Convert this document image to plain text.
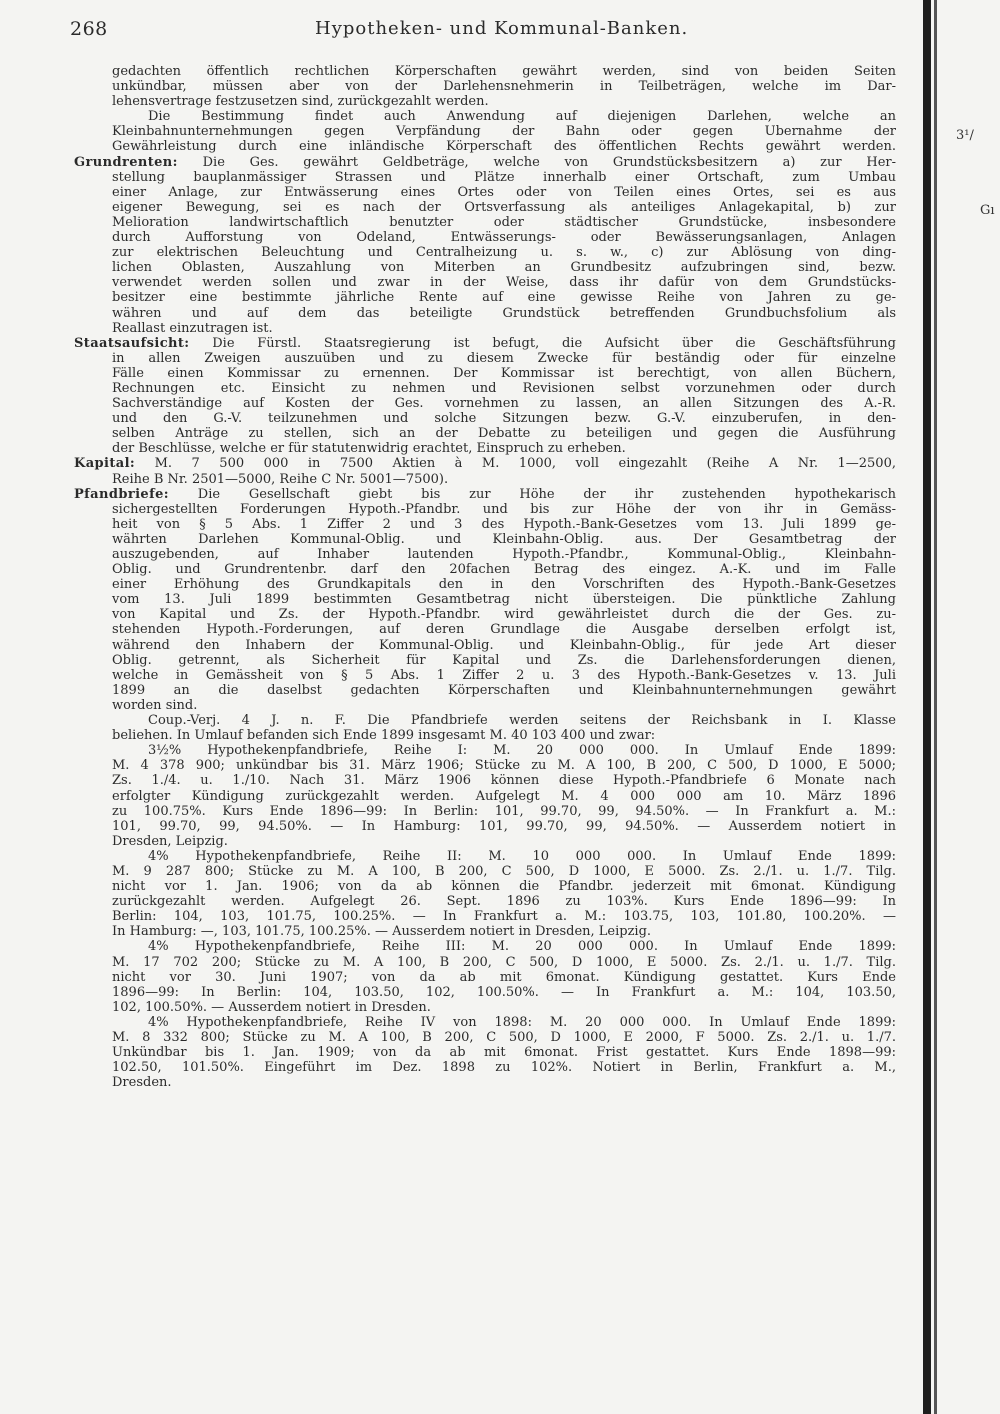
268	Hypotheken- und Kommunal-Banken.
gedachten öffentlich rechtlichen Körperschaften gewährt werden, sind von beiden Seiten
unkündbar, müssen aber von der Darlehensnehmerin in Teilbeträgen, welche im Dar-
lehensvertrage festzusetzen sind, zurückgezahlt werden.
Die Bestimmung findet auch Anwendung auf diejenigen Darlehen, welche an
Kleinbahnunternehmungen gegen Verpfändung der Bahn oder gegen Übernahme der
Gewährleistung durch eine inländische Körperschaft des öffentlichen Rechts gewährt werden.
Grundrenten: Die Ges. gewährt Geldbeträge, welche von Grundstücksbesitzern a) zur Her-
stellung bauplanmässiger Strassen und Plätze innerhalb einer Ortschaft, zum Umbau
einer Anlage, zur Entwässerung eines Ortes oder von Teilen eines Ortes, sei es aus
eigener Bewegung, sei es nach der Ortsverfassung als anteiliges Anlagekapital, b) zur
Melioration landwirtschaftlich benutzter oder städtischer Grundstücke, insbesondere
durch Aufforstung von Ödeland, Entwässerungs- oder Bewässerungsanlagen, Anlagen
zur elektrischen Beleuchtung und Centralheizung u. s. w., c) zur Ablösung von ding-
lichen Oblasten, Auszahlung von Miterben an Grundbesitz aufzubringen sind, bezw.
verwendet werden sollen und zwar in der Weise, dass ihr dafür von dem Grundstücks-
besitzer eine bestimmte jährliche Rente auf eine gewisse Reihe von Jahren zu ge-
währen und auf dem das beteiligte Grundstück betreffenden Grundbuchsfolium als
Reallast einzutragen ist.
Staatsaufsicht: Die Fürstl. Staatsregierung ist befugt, die Aufsicht über die Geschäftsführung
in allen Zweigen auszuüben und zu diesem Zwecke für beständig oder für einzelne
Fälle einen Kommissar zu ernennen. Der Kommissar ist berechtigt, von allen Büchern,
Rechnungen etc. Einsicht zu nehmen und Revisionen selbst vorzunehmen oder durch
Sachverständige auf Kosten der Ges. vornehmen zu lassen, an allen Sitzungen des A.-R.
und den G.-V. teilzunehmen und solche Sitzungen bezw. G.-V. einzuberufen, in den-
selben Anträge zu stellen, sich an der Debatte zu beteiligen und gegen die Ausführung
der Beschlüsse, welche er für statutenwidrig erachtet, Einspruch zu erheben.
Kapital: M. 7 500 000 in 7500 Aktien à M. 1000, voll eingezahlt (Reihe A Nr. 1—2500,
Reihe B Nr. 2501—5000, Reihe C Nr. 5001—7500).
Pfandbriefe: Die Gesellschaft giebt bis zur Höhe der ihr zustehenden hypothekarisch
sichergestellten Forderungen Hypoth.-Pfandbr. und bis zur Höhe der von ihr in Gemäss-
heit von § 5 Abs. 1 Ziffer 2 und 3 des Hypoth.-Bank-Gesetzes vom 13. Juli 1899 ge-
währten Darlehen Kommunal-Oblig. und Kleinbahn-Oblig. aus. Der Gesamtbetrag der
auszugebenden, auf Inhaber lautenden Hypoth.-Pfandbr., Kommunal-Oblig., Kleinbahn-
Oblig. und Grundrentenbr. darf den 20fachen Betrag des eingez. A.-K. und im Falle
einer Erhöhung des Grundkapitals den in den Vorschriften des Hypoth.-Bank-Gesetzes
vom 13. Juli 1899 bestimmten Gesamtbetrag nicht übersteigen. Die pünktliche Zahlung
von Kapital und Zs. der Hypoth.-Pfandbr. wird gewährleistet durch die der Ges. zu-
stehenden Hypoth.-Forderungen, auf deren Grundlage die Ausgabe derselben erfolgt ist,
während den Inhabern der Kommunal-Oblig. und Kleinbahn-Oblig., für jede Art dieser
Oblig. getrennt, als Sicherheit für Kapital und Zs. die Darlehensforderungen dienen,
welche in Gemässheit von § 5 Abs. 1 Ziffer 2 u. 3 des Hypoth.-Bank-Gesetzes v. 13. Juli
1899 an die daselbst gedachten Körperschaften und Kleinbahnunternehmungen gewährt
worden sind.
Coup.-Verj. 4 J. n. F. Die Pfandbriefe werden seitens der Reichsbank in I. Klasse
beliehen. In Umlauf befanden sich Ende 1899 insgesamt M. 40 103 400 und zwar:
3½% Hypothekenpfandbriefe, Reihe I: M. 20 000 000. In Umlauf Ende 1899:
M. 4 378 900; unkündbar bis 31. März 1906; Stücke zu M. A 100, B 200, C 500, D 1000, E 5000;
Zs. 1./4. u. 1./10. Nach 31. März 1906 können diese Hypoth.-Pfandbriefe 6 Monate nach
erfolgter Kündigung zurückgezahlt werden. Aufgelegt M. 4 000 000 am 10. März 1896
zu 100.75%. Kurs Ende 1896—99: In Berlin: 101, 99.70, 99, 94.50%. — In Frankfurt a. M.:
101, 99.70, 99, 94.50%. — In Hamburg: 101, 99.70, 99, 94.50%. — Ausserdem notiert in
Dresden, Leipzig.
4% Hypothekenpfandbriefe, Reihe II: M. 10 000 000. In Umlauf Ende 1899:
M. 9 287 800; Stücke zu M. A 100, B 200, C 500, D 1000, E 5000. Zs. 2./1. u. 1./7. Tilg.
nicht vor 1. Jan. 1906; von da ab können die Pfandbr. jederzeit mit 6monat. Kündigung
zurückgezahlt werden. Aufgelegt 26. Sept. 1896 zu 103%. Kurs Ende 1896—99: In
Berlin: 104, 103, 101.75, 100.25%. — In Frankfurt a. M.: 103.75, 103, 101.80, 100.20%. —
In Hamburg: —, 103, 101.75, 100.25%. — Ausserdem notiert in Dresden, Leipzig.
4% Hypothekenpfandbriefe, Reihe III: M. 20 000 000. In Umlauf Ende 1899:
M. 17 702 200; Stücke zu M. A 100, B 200, C 500, D 1000, E 5000. Zs. 2./1. u. 1./7. Tilg.
nicht vor 30. Juni 1907; von da ab mit 6monat. Kündigung gestattet. Kurs Ende
1896—99: In Berlin: 104, 103.50, 102, 100.50%. — In Frankfurt a. M.: 104, 103.50,
102, 100.50%. — Ausserdem notiert in Dresden.
4% Hypothekenpfandbriefe, Reihe IV von 1898: M. 20 000 000. In Umlauf Ende 1899:
M. 8 332 800; Stücke zu M. A 100, B 200, C 500, D 1000, E 2000, F 5000. Zs. 2./1. u. 1./7.
Unkündbar bis 1. Jan. 1909; von da ab mit 6monat. Frist gestattet. Kurs Ende 1898—99:
102.50, 101.50%. Eingeführt im Dez. 1898 zu 102%. Notiert in Berlin, Frankfurt a. M.,
Dresden.
3¹/
Gı
